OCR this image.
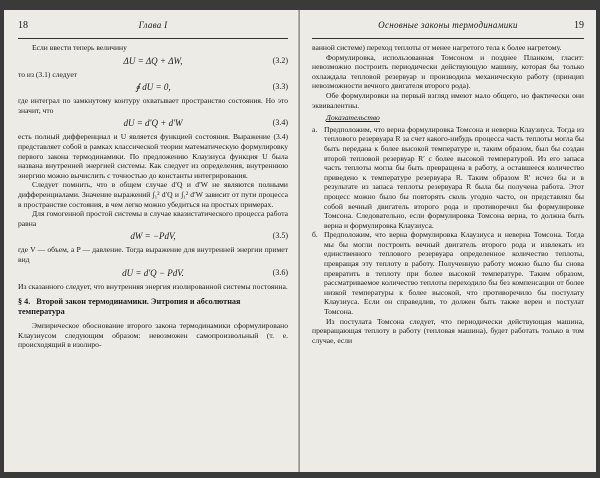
18	Глава I

Если ввести теперь величину

ΔU = ΔQ + ΔW,	(3.2)

то из (3.1) следует

∮ dU = 0,	(3.3)

где интеграл по замкнутому контуру охватывает пространство состояния. Но это значит, что

dU = d′Q + d′W	(3.4)

есть полный дифференциал и U является функцией состояния. Выражение (3.4) представляет собой в рамках классической теории математическую формулировку первого закона термодинамики. По предложению Клаузиуса функция U была названа внутренней энергией системы. Как следует из определения, внутреннюю энергию можно вычислить с точностью до константы интегрирования.

Следует помнить, что в общем случае d′Q и d′W не являются полными дифференциалами. Значение выражений ∫₁² d′Q и ∫₁² d′W зависит от пути процесса в пространстве состояния, в чем легко можно убедиться на простых примерах.

Для гомогенной простой системы в случае квазистатического процесса работа равна

dW = −PdV,	(3.5)

где V — объем, а P — давление. Тогда выражение для внутренней энергии примет вид

dU = d′Q − PdV.	(3.6)

Из сказанного следует, что внутренняя энергия изолированной системы постоянна.

§ 4. Второй закон термодинамики. Энтропия и абсолютная температура

Эмпирическое обоснование второго закона термодинамики сформулировано Клаузиусом следующим образом: невозможен самопроизвольный (т. е. происходящий в изолиро-

Основные законы термодинамики	19

ванной системе) переход теплоты от менее нагретого тела к более нагретому.

Формулировка, использованная Томсоном и позднее Планком, гласит: невозможно построить периодически действующую машину, которая бы только охлаждала тепловой резервуар и производила механическую работу (принцип невозможности вечного двигателя второго рода).

Обе формулировки на первый взгляд имеют мало общего, но фактически они эквивалентны.

Доказательство

а. Предположим, что верна формулировка Томсона и неверна Клаузиуса. Тогда из теплового резервуара R за счет какого-нибудь процесса часть теплоты могла бы быть передана к более высокой температуре и, таким образом, был бы создан второй тепловой резервуар R′ с более высокой температурой. Из его запаса часть теплоты могла бы быть превращена в работу, а оставшееся количество приведено к температуре резервуара R. Таким образом R′ исчез бы и в результате из запаса теплоты резервуара R была бы получена работа. Этот процесс можно было бы повторять сколь угодно часто, он представлял бы собой вечный двигатель второго рода и противоречил бы формулировке Томсона. Следовательно, если формулировка Томсона верна, то должна быть верна и формулировка Клаузиуса.

б. Предположим, что верна формулировка Клаузиуса и неверна Томсона. Тогда мы бы могли построить вечный двигатель второго рода и извлекать из единственного теплового резервуара определенное количество теплоты, превращая эту теплоту в работу. Полученную работу можно было бы снова превратить в теплоту при более высокой температуре. Таким образом, рассматриваемое количество теплоты переходило бы без компенсации от более низкой температуры к более высокой, что противоречило бы постулату Клаузиуса. Если он справедлив, то должен быть также верен и постулат Томсона.

Из постулата Томсона следует, что периодически действующая машина, превращающая теплоту в работу (тепловая машина), будет работать только в том случае, если
